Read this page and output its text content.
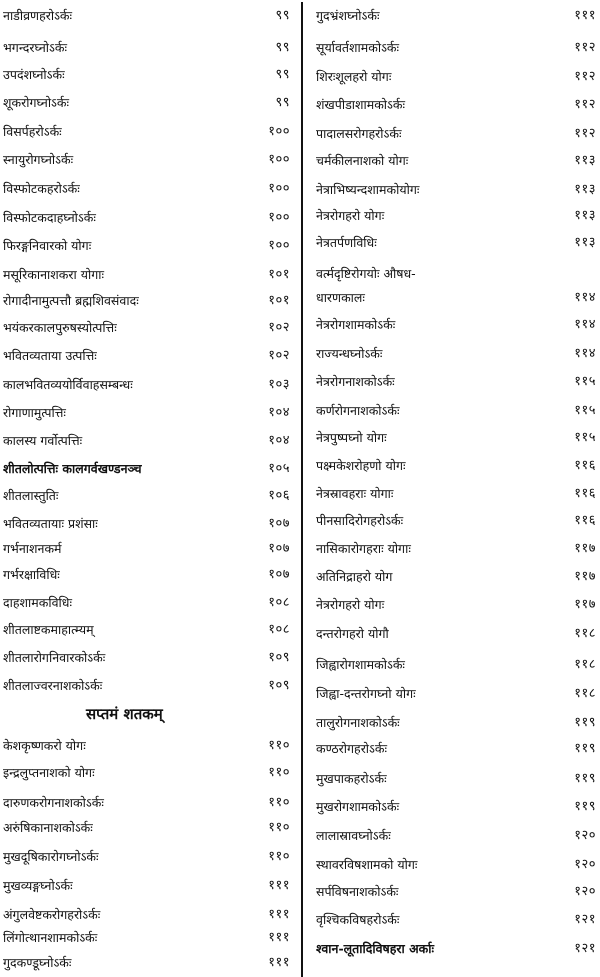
नाडीव्रणहरोऽर्कः	९९
भगन्दरघ्नोऽर्कः	९९
उपदंशघ्नोऽर्कः	९९
शूकरोगघ्नोऽर्कः	९९
विसर्पहरोऽर्कः	१००
स्नायुरोगघ्नोऽर्कः	१००
विस्फोटकहरोऽर्कः	१००
विस्फोटकदाहघ्नोऽर्कः	१००
फिरङ्गनिवारको योगः	१००
मसूरिकानाशकरा योगाः	१०१
रोगादीनामुत्पत्तौ ब्रह्मशिवसंवादः	१०१
भयंकरकालपुरुषस्योत्पत्तिः	१०२
भवितव्यताया उत्पत्तिः	१०२
कालभवितव्ययोर्विवाहसम्बन्धः	१०३
रोगाणामुत्पत्तिः	१०४
कालस्य गर्वोत्पत्तिः	१०४
शीतलोत्पत्तिः कालगर्वखण्डनञ्च	१०५
शीतलास्तुतिः	१०६
भवितव्यतायाः प्रशंसाः	१०७
गर्भनाशनकर्म	१०७
गर्भरक्षाविधिः	१०७
दाहशामकविधिः	१०८
शीतलाष्टकमाहात्म्यम्	१०८
शीतलारोगनिवारकोऽर्कः	१०९
शीतलाज्वरनाशकोऽर्कः	१०९
सप्तमं शतकम्
केशकृष्णकरो योगः	११०
इन्द्रलुप्तनाशको योगः	११०
दारुणकरोगनाशकोऽर्कः	११०
अरुंषिकानाशकोऽर्कः	११०
मुखदूषिकारोगघ्नोऽर्कः	११०
मुखव्यङ्गघ्नोऽर्कः	१११
अंगुलवेष्टकरोगहरोऽर्कः	१११
लिंगोत्थानशामकोऽर्कः	१११
गुदकण्डूघ्नोऽर्कः	१११
गुदभ्रंशघ्नोऽर्कः	१११
सूर्यावर्तशामकोऽर्कः	११२
शिरःशूलहरो योगः	११२
शंखपीडाशामकोऽर्कः	११२
पादालसरोगहरोऽर्कः	११२
चर्मकीलनाशको योगः	११३
नेत्राभिष्यन्दशामकोयोगः	११३
नेत्ररोगहरो योगः	११३
नेत्रतर्पणविधिः	११३
वर्त्मदृष्टिरोगयोः औषध-
धारणकालः	११४
नेत्ररोगशामकोऽर्कः	११४
राज्यन्धघ्नोऽर्कः	११४
नेत्ररोगनाशकोऽर्कः	११५
कर्णरोगनाशकोऽर्कः	११५
नेत्रपुष्पघ्नो योगः	११५
पक्ष्मकेशरोहणो योगः	११६
नेत्रस्रावहराः योगाः	११६
पीनसादिरोगहरोऽर्कः	११६
नासिकारोगहराः योगाः	११७
अतिनिद्राहरो योग	११७
नेत्ररोगहरो योगः	११७
दन्तरोगहरो योगौ	११८
जिह्वारोगशामकोऽर्कः	११८
जिह्वा-दन्तरोगघ्नो योगः	११८
तालुरोगनाशकोऽर्कः	११९
कण्ठरोगहरोऽर्कः	११९
मुखपाकहरोऽर्कः	११९
मुखरोगशामकोऽर्कः	११९
लालास्रावघ्नोऽर्कः	१२०
स्थावरविषशामको योगः	१२०
सर्पविषनाशकोऽर्कः	१२०
वृश्चिकविषहरोऽर्कः	१२१
श्वान-लूतादिविषहरा अर्काः	१२१
